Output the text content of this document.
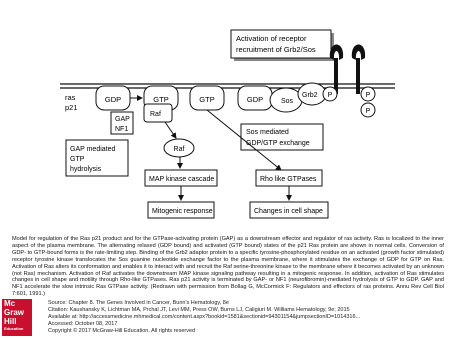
Activation of receptor
recruitment of Grb2/Sos
ras
p21
GDP	GTP	GTP	GDP	Sos
Grb2 P	P
P
GAP
NF1
Raf
GAP mediated
GTP
hydrolysis
Sos mediated
GDP/GTP exchange
Raf
MAP kinase cascade	Rho like GTPases
Mitogenic response	Changes in cell shape

Model for regulation of the Ras p21 product and for the GTPase-activating protein (GAP) as a downstream effector and regulator of ras activity. Ras is localized to the inner aspect of the plasma membrane. The alternating relaxed (GDP bound) and activated (GTP bound) states of the p21 Ras protein are shown in normal cells. Conversion of GDP- to GTP-bound forms is the rate-limiting step. Binding of the Grb2 adaptor protein to a specific tyrosine-phosphorylated residue on an activated (growth factor stimulated) receptor tyrosine kinase translocates the Sos guanine nucleotide exchange factor to the plasma membrane, where it stimulates the exchange of GDP for GTP on Ras. Activation of Ras alters its conformation and enables it to interact with and recruit the Raf serine-threonine kinase to the membrane where it becomes activated by an unknown (not Ras) mechanism. Activation of Raf activates the downstream MAP kinase signaling pathway resulting in a mitogenic response. In addition, activation of Ras stimulates changes in cell shape and motility through Rho-like GTPases. Ras p21 activity is terminated by GAP- or NF1 (neurofibromin)-mediated hydrolysis of GTP to GDP. GAP and NF1 accelerate the slow intrinsic Ras GTPase activity. (Redrawn with permission from Bollag G, McCormick F: Regulators and effectors of ras proteins. Annu Rev Cell Biol 7:601, 1991.)

Mc
Graw
Hill
Education
Source: Chapter 8. The Genes Involved in Cancer, Bunn's Hematology, 8e
Citation: Kaushansky K, Lichtman MA, Prchal JT, Levi MM, Press OW, Burns LJ, Caligiuri M. Williams Hematology, 9e; 2015
Available at: http://accessmedicine.mhmedical.com/content.aspx?bookid=1581&sectionid=94301154&jumpsectionID=1014316...
Accessed: October 08, 2017
Copyright © 2017 McGraw-Hill Education. All rights reserved
